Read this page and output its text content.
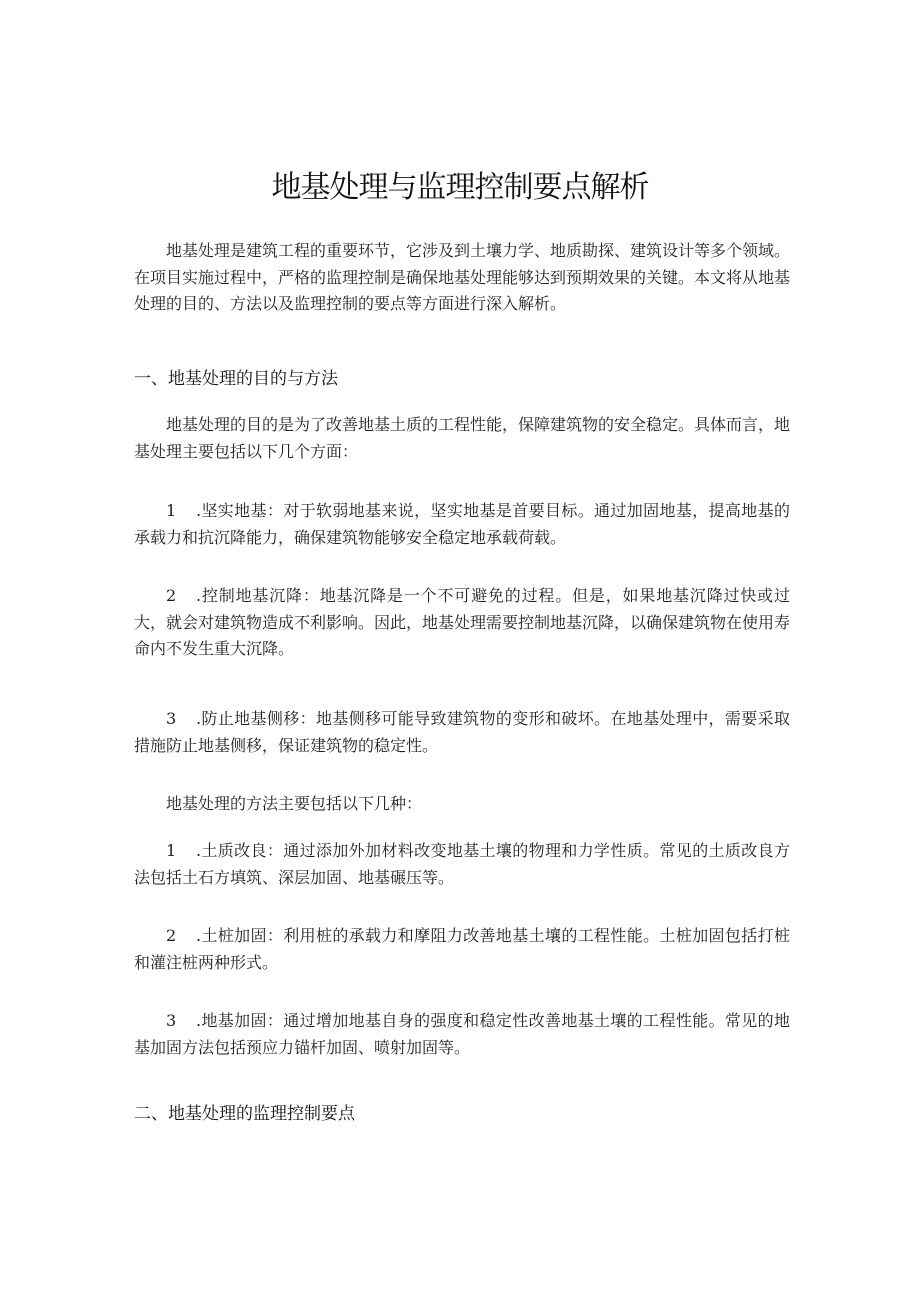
地基处理与监理控制要点解析
地基处理是建筑工程的重要环节，它涉及到土壤力学、地质勘探、建筑设计等多个领域。在项目实施过程中，严格的监理控制是确保地基处理能够达到预期效果的关键。本文将从地基处理的目的、方法以及监理控制的要点等方面进行深入解析。
一、地基处理的目的与方法
地基处理的目的是为了改善地基土质的工程性能，保障建筑物的安全稳定。具体而言，地基处理主要包括以下几个方面：
1 .坚实地基：对于软弱地基来说，坚实地基是首要目标。通过加固地基，提高地基的承载力和抗沉降能力，确保建筑物能够安全稳定地承载荷载。
2 .控制地基沉降：地基沉降是一个不可避免的过程。但是，如果地基沉降过快或过大，就会对建筑物造成不利影响。因此，地基处理需要控制地基沉降，以确保建筑物在使用寿命内不发生重大沉降。
3 .防止地基侧移：地基侧移可能导致建筑物的变形和破坏。在地基处理中，需要采取措施防止地基侧移，保证建筑物的稳定性。
地基处理的方法主要包括以下几种：
1 .土质改良：通过添加外加材料改变地基土壤的物理和力学性质。常见的土质改良方法包括土石方填筑、深层加固、地基碾压等。
2 .土桩加固：利用桩的承载力和摩阻力改善地基土壤的工程性能。土桩加固包括打桩和灌注桩两种形式。
3 .地基加固：通过增加地基自身的强度和稳定性改善地基土壤的工程性能。常见的地基加固方法包括预应力锚杆加固、喷射加固等。
二、地基处理的监理控制要点
